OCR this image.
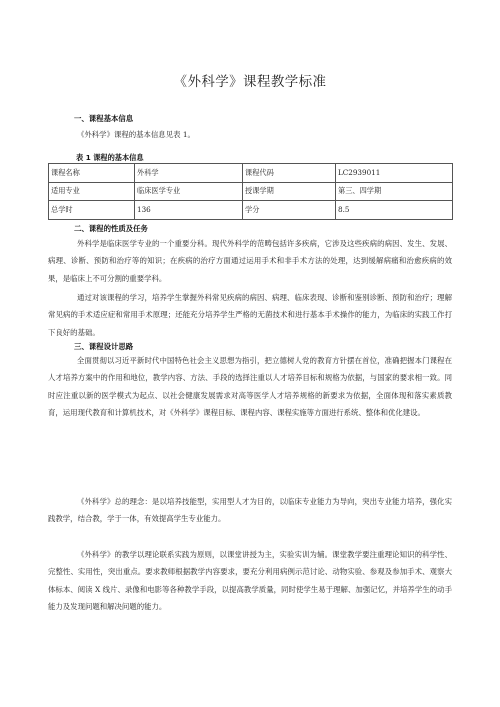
《外科学》课程教学标准
一、课程基本信息

《外科学》课程的基本信息见表 1。

表 1 课程的基本信息
课程名称	外科学	课程代码	LC2939011
适用专业	临床医学专业	授课学期	第三、四学期
总学时	136	学分	8.5
二、课程的性质及任务

外科学是临床医学专业的一个重要分科。现代外科学的范畴包括许多疾病，它涉及这些疾病的病因、发生、发展、病理、诊断、预防和治疗等的知识；在疾病的治疗方面通过运用手术和非手术方法的处理，达到缓解病痛和治愈疾病的效果，是临床上不可分割的重要学科。

通过对该课程的学习，培养学生掌握外科常见疾病的病因、病理、临床表现、诊断和鉴别诊断、预防和治疗；理解常见病的手术适应症和常用手术原理；还能充分培养学生严格的无菌技术和进行基本手术操作的能力，为临床的实践工作打下良好的基础。

三、课程设计思路

全面贯彻以习近平新时代中国特色社会主义思想为指引，把立德树人党的教育方针摆在首位，准确把握本门课程在人才培养方案中的作用和地位，教学内容、方法、手段的选择注重以人才培养目标和规格为依据，与国家的要求相一致。同时应注重以新的医学模式为起点、以社会健康发展需求对高等医学人才培养规格的新要求为依据，全面体现和落实素质教育，运用现代教育和计算机技术，对《外科学》课程目标、课程内容、课程实施等方面进行系统、整体和优化建设。

《外科学》总的理念：是以培养技能型，实用型人才为目的，以临床专业能力为导向，突出专业能力培养，强化实践教学，结合教，学于一体，有效提高学生专业能力。

《外科学》的教学以理论联系实践为原则，以课堂讲授为主，实验实训为辅。课堂教学要注重理论知识的科学性、完整性、实用性，突出重点。要求教师根据教学内容要求，要充分利用病例示范讨论、动物实验、参观及参加手术、观察大体标本、阅读 X 线片、录像和电影等各种教学手段，以提高教学质量，同时使学生易于理解、加强记忆，并培养学生的动手能力及发现问题和解决问题的能力。
